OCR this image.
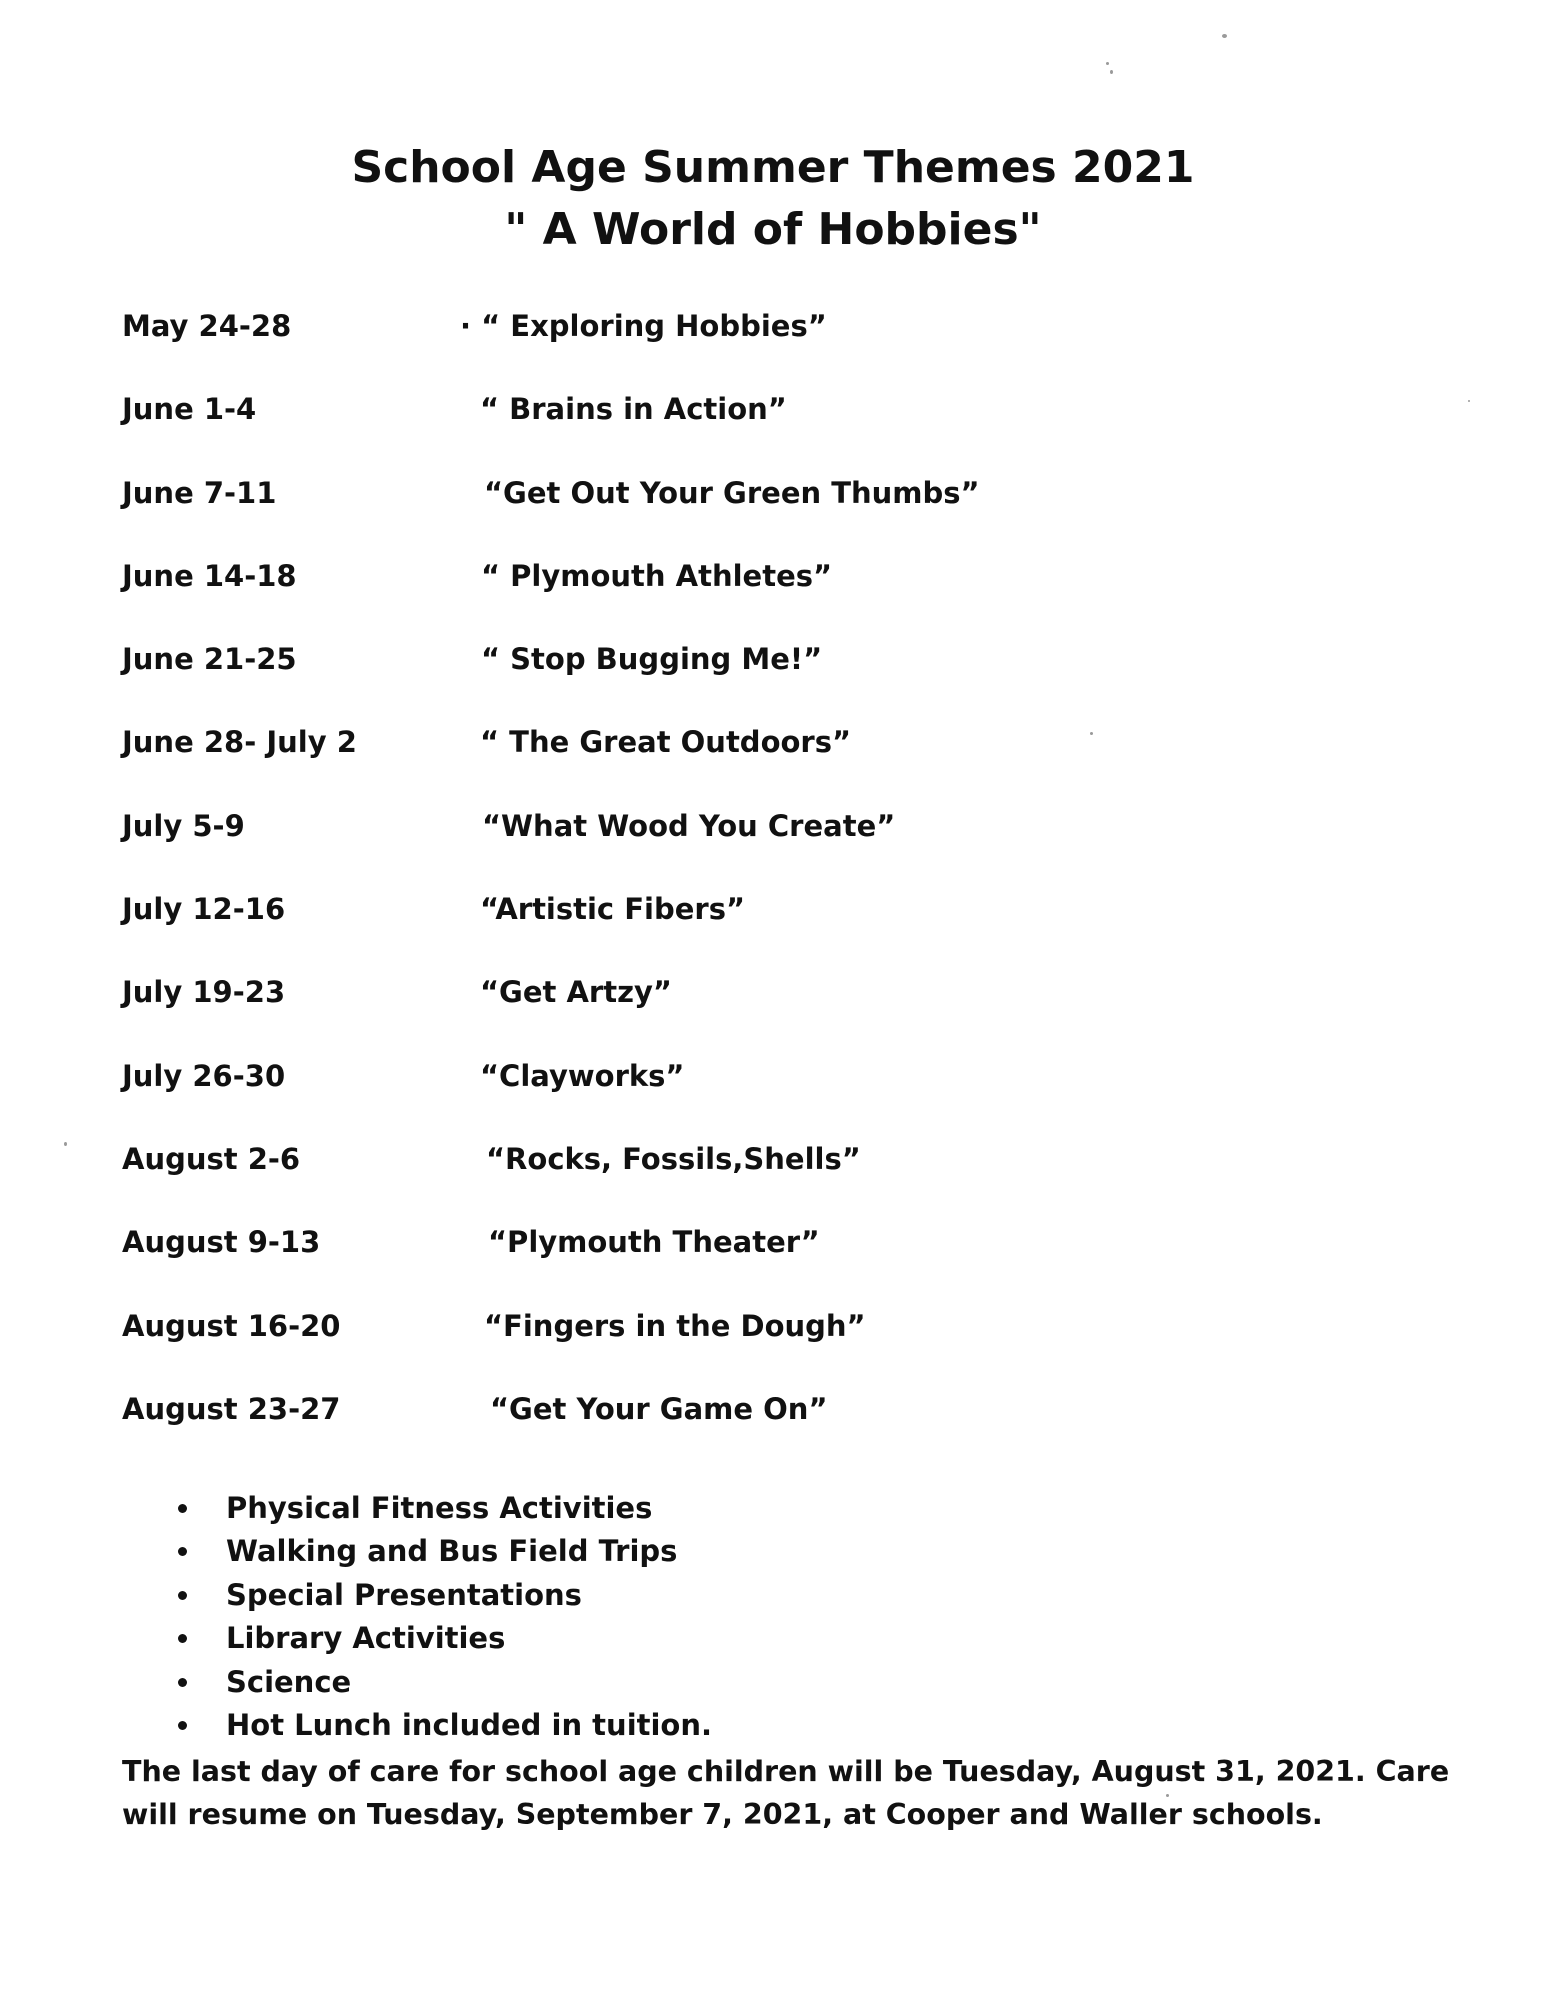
School Age Summer Themes 2021
" A World of Hobbies"
May 24-28	· “ Exploring Hobbies”
June 1-4	“ Brains in Action”
June 7-11	“Get Out Your Green Thumbs”
June 14-18	“ Plymouth Athletes”
June 21-25	“ Stop Bugging Me!”
June 28- July 2	“ The Great Outdoors”
July 5-9	“What Wood You Create”
July 12-16	“Artistic Fibers”
July 19-23	“Get Artzy”
July 26-30	“Clayworks”
August 2-6	“Rocks, Fossils,Shells”
August 9-13	“Plymouth Theater”
August 16-20	“Fingers in the Dough”
August 23-27	“Get Your Game On”
Physical Fitness Activities
Walking and Bus Field Trips
Special Presentations
Library Activities
Science
Hot Lunch included in tuition.

The last day of care for school age children will be Tuesday, August 31, 2021. Care will resume on Tuesday, September 7, 2021, at Cooper and Waller schools.
